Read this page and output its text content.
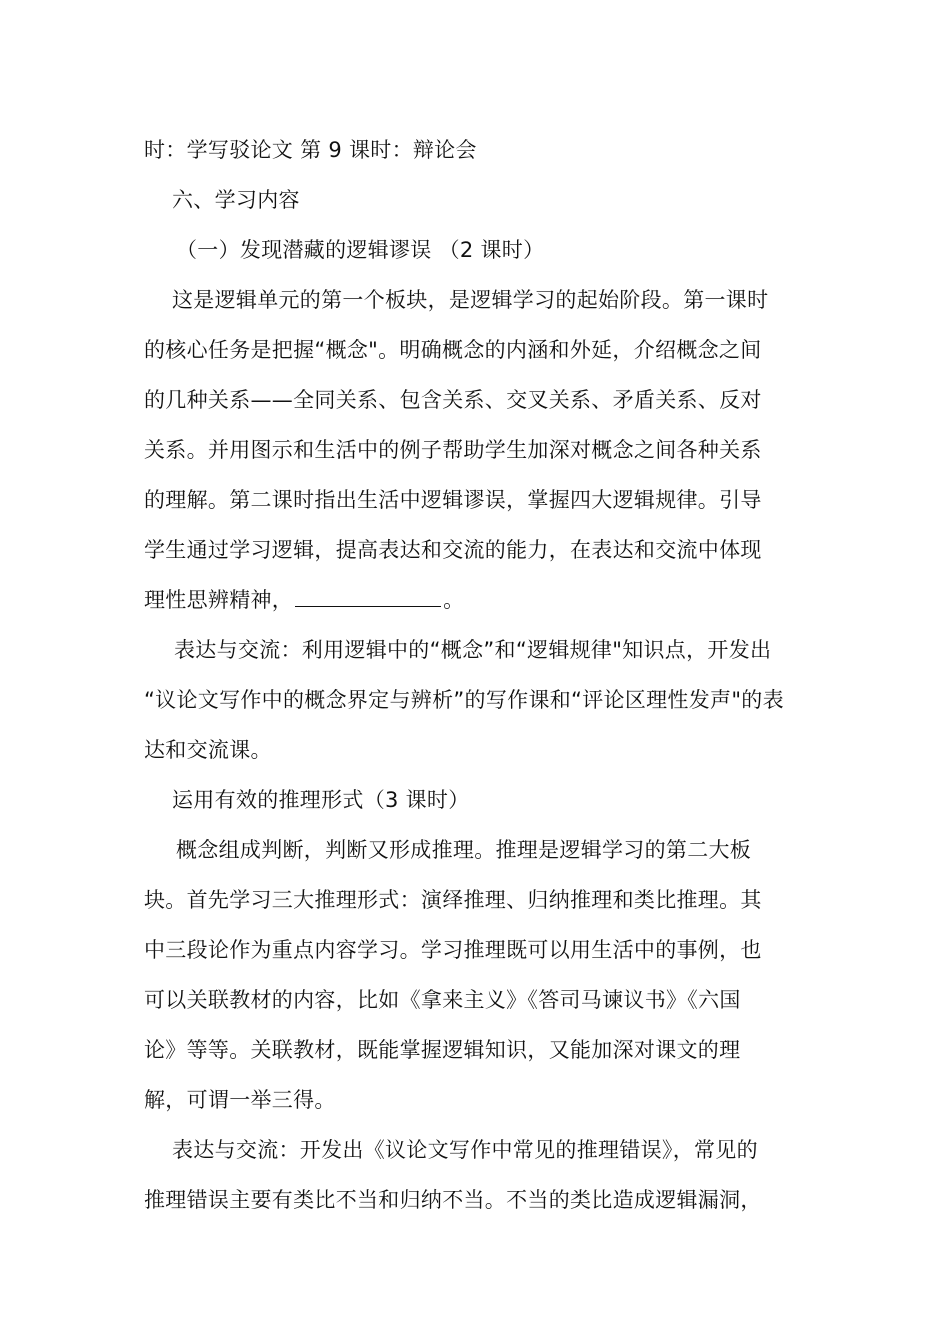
时：学写驳论文 第 9 课时：辩论会
六、学习内容
（一）发现潜藏的逻辑谬误 （2 课时）
这是逻辑单元的第一个板块，是逻辑学习的起始阶段。第一课时
的核心任务是把握“概念"。明确概念的内涵和外延，介绍概念之间
的几种关系——全同关系、包含关系、交叉关系、矛盾关系、反对
关系。并用图示和生活中的例子帮助学生加深对概念之间各种关系
的理解。第二课时指出生活中逻辑谬误，掌握四大逻辑规律。引导
学生通过学习逻辑，提高表达和交流的能力，在表达和交流中体现
理性思辨精神，	。
表达与交流：利用逻辑中的“概念”和“逻辑规律"知识点，开发出
“议论文写作中的概念界定与辨析”的写作课和“评论区理性发声"的表
达和交流课。
运用有效的推理形式（3 课时）
概念组成判断，判断又形成推理。推理是逻辑学习的第二大板
块。首先学习三大推理形式：演绎推理、归纳推理和类比推理。其
中三段论作为重点内容学习。学习推理既可以用生活中的事例，也
可以关联教材的内容，比如《拿来主义》《答司马谏议书》《六国
论》等等。关联教材，既能掌握逻辑知识，又能加深对课文的理
解，可谓一举三得。
表达与交流：开发出《议论文写作中常见的推理错误》，常见的
推理错误主要有类比不当和归纳不当。不当的类比造成逻辑漏洞，
